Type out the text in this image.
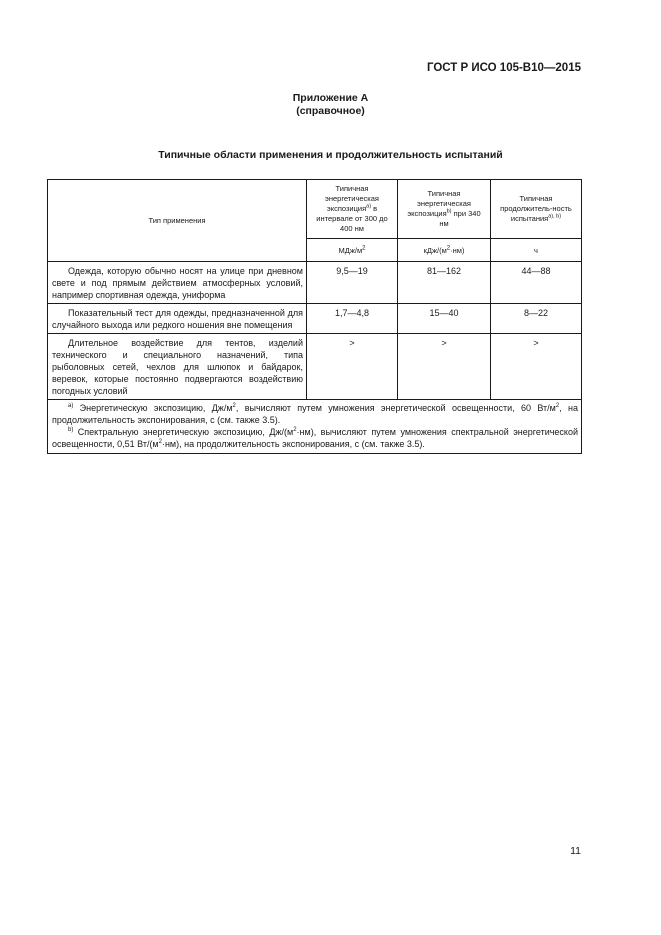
ГОСТ Р ИСО 105-B10—2015
Приложение А
(справочное)
Типичные области применения и продолжительность испытаний
Тип применения	Типичная энергетическая экспозиция$^{a)}$ в интервале от 300 до 400 нм	Типичная энергетическая экспозиция$^{b)}$ при 340 нм	Типичная продолжитель-ность испытания$^{a), b)}$
	МДж/$м^2$	кДж/$(м^2\cdot нм)$	ч
Одежда, которую обычно носят на улице при дневном свете и под прямым действием атмосферных условий, например спортивная одежда, униформа	9,5—19	81—162	44—88
Показательный тест для одежды, предназначенной для случайного выхода или редкого ношения вне помещения	1,7—4,8	15—40	8—22
Длительное воздействие для тентов, изделий технического и специального назначений, типа рыболовных сетей, чехлов для шлюпок и байдарок, веревок, которые постоянно подвергаются воздействию погодных условий	>	>	>

$^{a)}$ Энергетическую экспозицию, $Дж/м^2$, вычисляют путем умножения энергетической освещенности, 60 $Вт/м^2$, на продолжительность экспонирования, с (см. также 3.5).
$^{b)}$ Спектральную энергетическую экспозицию, $Дж/(м^2\cdot нм)$, вычисляют путем умножения спектральной энергетической освещенности, 0,51 $Вт/(м^2\cdot нм)$, на продолжительность экспонирования, с (см. также 3.5).			
11
